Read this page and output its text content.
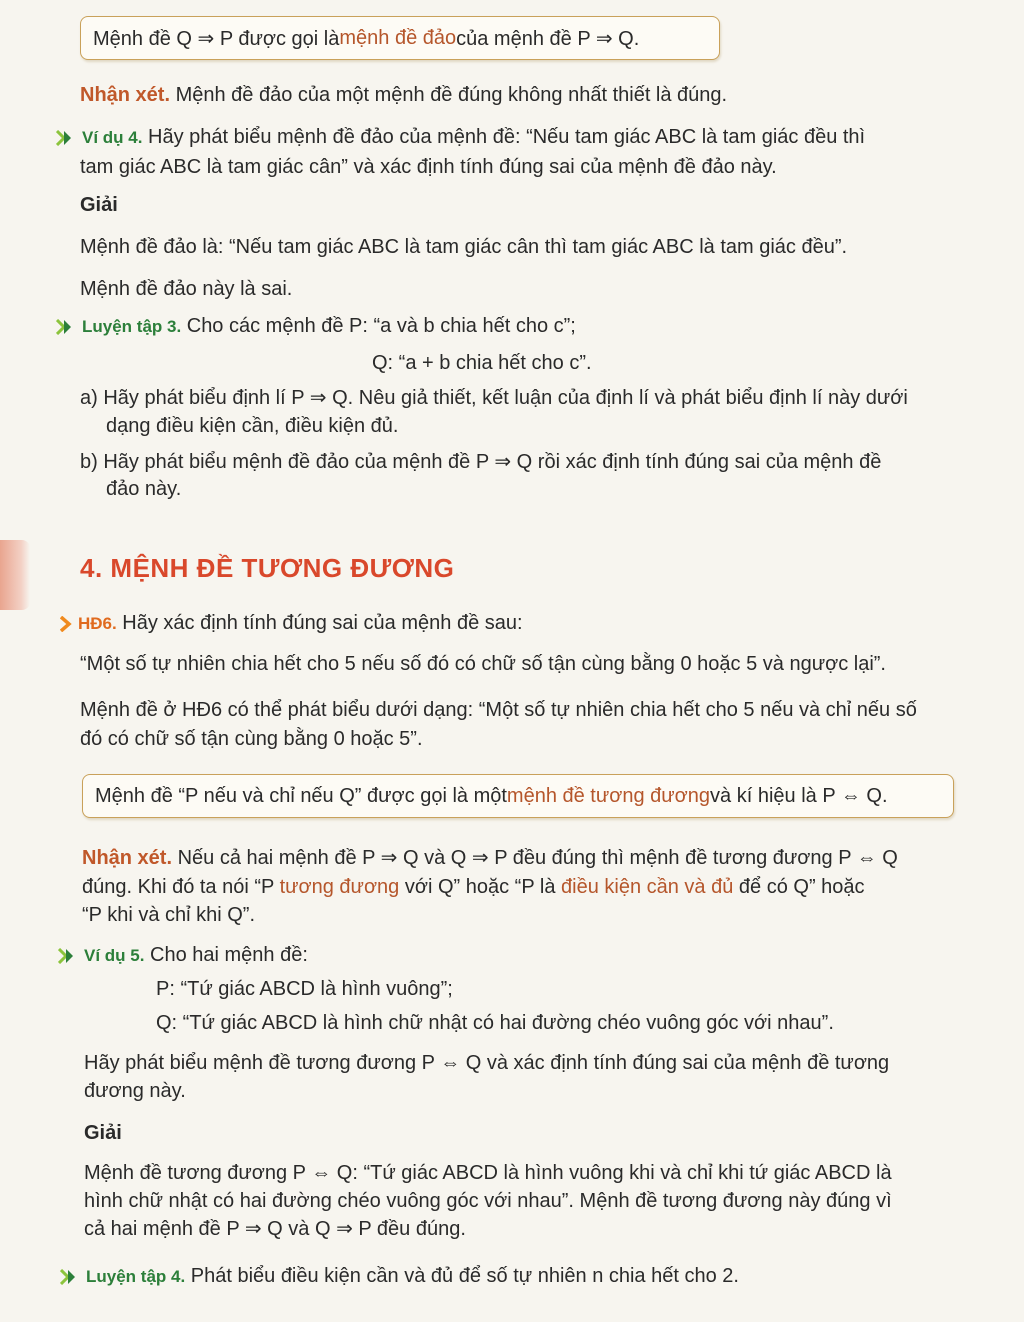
Mệnh đề Q ⇒ P được gọi là mệnh đề đảo của mệnh đề P ⇒ Q.
Nhận xét. Mệnh đề đảo của một mệnh đề đúng không nhất thiết là đúng.
Ví dụ 4. Hãy phát biểu mệnh đề đảo của mệnh đề: “Nếu tam giác ABC là tam giác đều thì
tam giác ABC là tam giác cân” và xác định tính đúng sai của mệnh đề đảo này.
Giải
Mệnh đề đảo là: “Nếu tam giác ABC là tam giác cân thì tam giác ABC là tam giác đều”.
Mệnh đề đảo này là sai.
Luyện tập 3. Cho các mệnh đề P: “a và b chia hết cho c”;
Q: “a + b chia hết cho c”.
a) Hãy phát biểu định lí P ⇒ Q. Nêu giả thiết, kết luận của định lí và phát biểu định lí này dưới
dạng điều kiện cần, điều kiện đủ.
b) Hãy phát biểu mệnh đề đảo của mệnh đề P ⇒ Q rồi xác định tính đúng sai của mệnh đề
đảo này.
4. MỆNH ĐỀ TƯƠNG ĐƯƠNG
HĐ6. Hãy xác định tính đúng sai của mệnh đề sau:
“Một số tự nhiên chia hết cho 5 nếu số đó có chữ số tận cùng bằng 0 hoặc 5 và ngược lại”.
Mệnh đề ở HĐ6 có thể phát biểu dưới dạng: “Một số tự nhiên chia hết cho 5 nếu và chỉ nếu số
đó có chữ số tận cùng bằng 0 hoặc 5”.
Mệnh đề “P nếu và chỉ nếu Q” được gọi là một mệnh đề tương đương và kí hiệu là P ⇔ Q.
Nhận xét. Nếu cả hai mệnh đề P ⇒ Q và Q ⇒ P đều đúng thì mệnh đề tương đương P ⇔ Q
đúng. Khi đó ta nói “P tương đương với Q” hoặc “P là điều kiện cần và đủ để có Q” hoặc
“P khi và chỉ khi Q”.
Ví dụ 5. Cho hai mệnh đề:
P: “Tứ giác ABCD là hình vuông”;
Q: “Tứ giác ABCD là hình chữ nhật có hai đường chéo vuông góc với nhau”.
Hãy phát biểu mệnh đề tương đương P ⇔ Q và xác định tính đúng sai của mệnh đề tương
đương này.
Giải
Mệnh đề tương đương P ⇔ Q: “Tứ giác ABCD là hình vuông khi và chỉ khi tứ giác ABCD là
hình chữ nhật có hai đường chéo vuông góc với nhau”. Mệnh đề tương đương này đúng vì
cả hai mệnh đề P ⇒ Q và Q ⇒ P đều đúng.
Luyện tập 4. Phát biểu điều kiện cần và đủ để số tự nhiên n chia hết cho 2.
